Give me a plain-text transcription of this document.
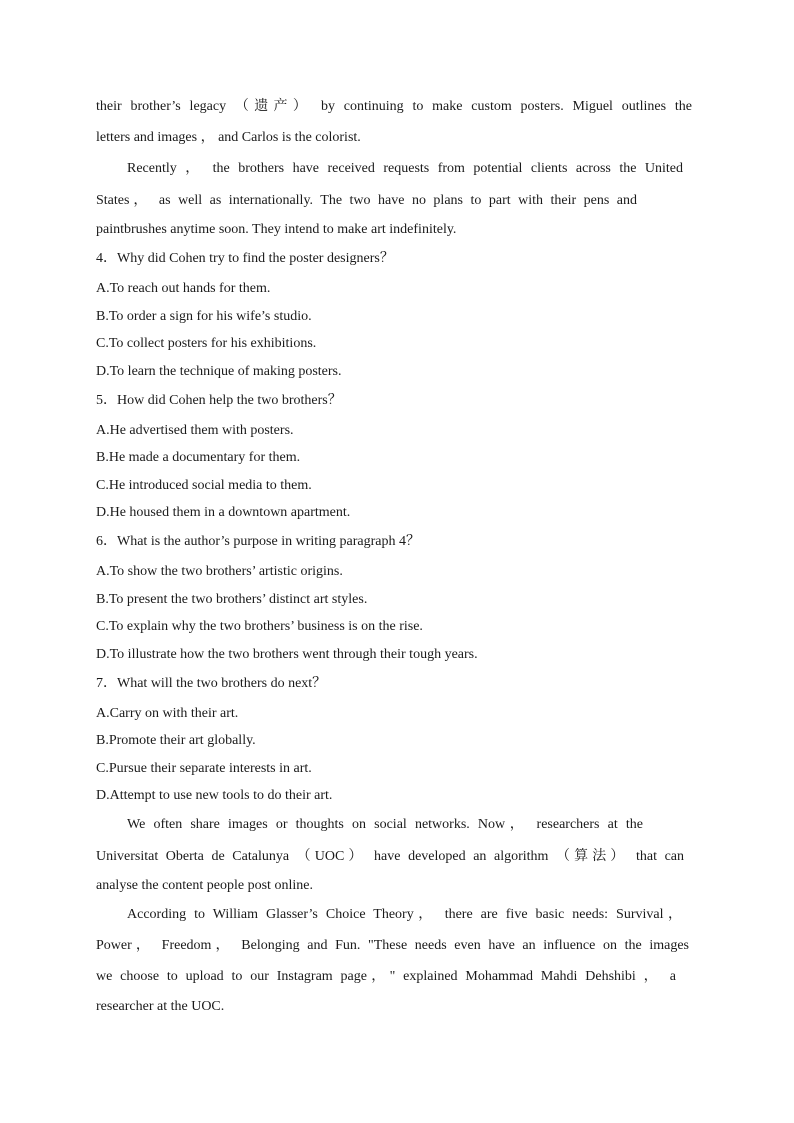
their brother’s legacy （遗产） by continuing to make custom posters. Miguel outlines the
letters and images ， and Carlos is the colorist.
Recently ， the brothers have received requests from potential clients across the United
States， as well as internationally. The two have no plans to part with their pens and
paintbrushes anytime soon. They intend to make art indefinitely.
4．Why did Cohen try to find the poster designers？
A.To reach out hands for them.
B.To order a sign for his wife’s studio.
C.To collect posters for his exhibitions.
D.To learn the technique of making posters.
5．How did Cohen help the two brothers？
A.He advertised them with posters.
B.He made a documentary for them.
C.He introduced social media to them.
D.He housed them in a downtown apartment.
6．What is the author’s purpose in writing paragraph 4？
A.To show the two brothers’ artistic origins.
B.To present the two brothers’ distinct art styles.
C.To explain why the two brothers’ business is on the rise.
D.To illustrate how the two brothers went through their tough years.
7．What will the two brothers do next？
A.Carry on with their art.
B.Promote their art globally.
C.Pursue their separate interests in art.
D.Attempt to use new tools to do their art.
We often share images or thoughts on social networks. Now， researchers at the
Universitat Oberta de Catalunya （UOC） have developed an algorithm （算法） that can
analyse the content people post online.
According to William Glasser’s Choice Theory， there are five basic needs: Survival，
Power， Freedom， Belonging and Fun. "These needs even have an influence on the images
we choose to upload to our Instagram page，" explained Mohammad Mahdi Dehshibi ， a
researcher at the UOC.
